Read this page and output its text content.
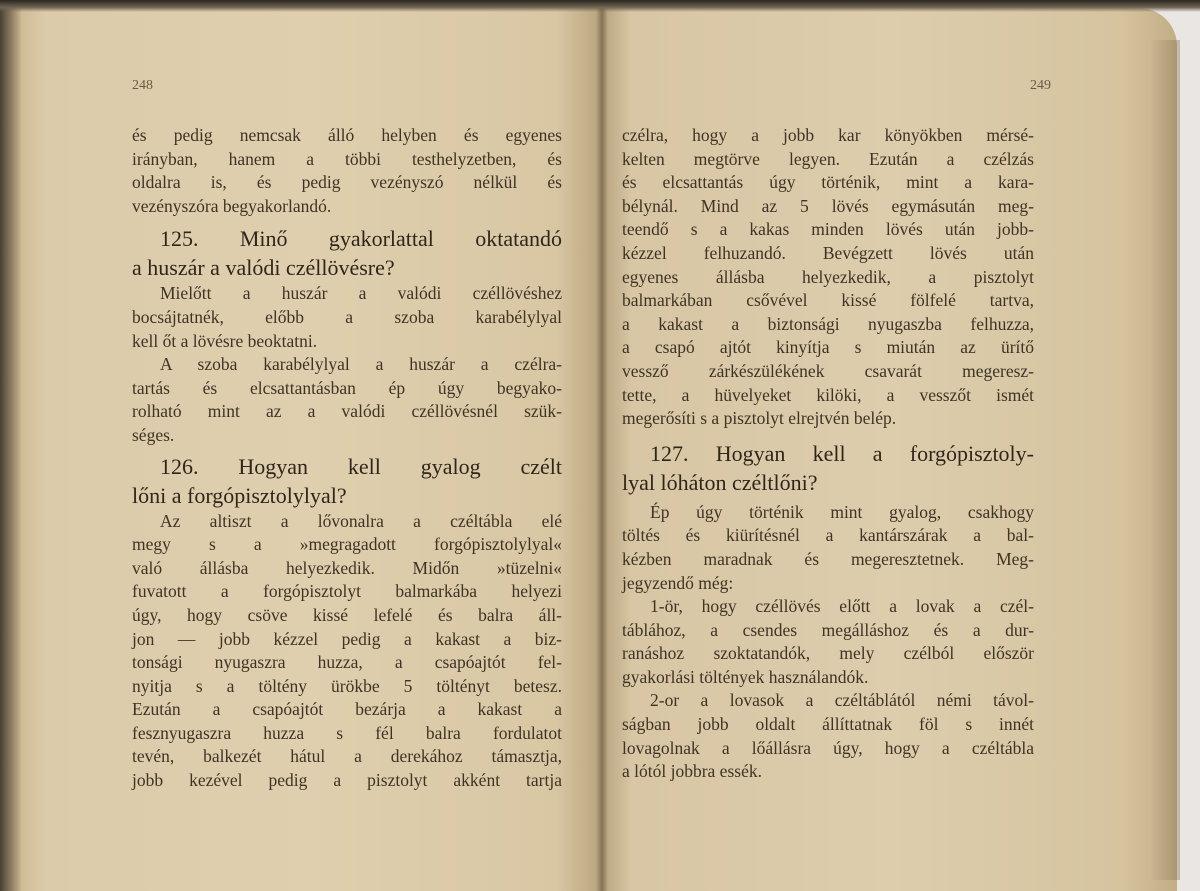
248	249
és pedig nemcsak álló helyben és egyenes
irányban, hanem a többi testhelyzetben, és
oldalra is, és pedig vezényszó nélkül és
vezényszóra begyakorlandó.
125. Minő gyakorlattal oktatandó
a huszár a valódi czéllövésre?
Mielőtt a huszár a valódi czéllövéshez
bocsájtatnék, előbb a szoba karabélylyal
kell őt a lövésre beoktatni.
A szoba karabélylyal a huszár a czélra-
tartás és elcsattantásban ép úgy begyako-
rolható mint az a valódi czéllövésnél szük-
séges.
126. Hogyan kell gyalog czélt
lőni a forgópisztolylyal?
Az altiszt a lővonalra a czéltábla elé
megy s a »megragadott forgópisztolylyal«
való állásba helyezkedik. Midőn »tüzelni«
fuvatott a forgópisztolyt balmarkába helyezi
úgy, hogy csöve kissé lefelé és balra áll-
jon — jobb kézzel pedig a kakast a biz-
tonsági nyugaszra huzza, a csapóajtót fel-
nyitja s a töltény ürökbe 5 töltényt betesz.
Ezután a csapóajtót bezárja a kakast a
fesznyugaszra huzza s fél balra fordulatot
tevén, balkezét hátul a derekához támasztja,
jobb kezével pedig a pisztolyt akként tartja
czélra, hogy a jobb kar könyökben mérsé-
kelten megtörve legyen. Ezután a czélzás
és elcsattantás úgy történik, mint a kara-
bélynál. Mind az 5 lövés egymásután meg-
teendő s a kakas minden lövés után jobb-
kézzel felhuzandó. Bevégzett lövés után
egyenes állásba helyezkedik, a pisztolyt
balmarkában csővével kissé fölfelé tartva,
a kakast a biztonsági nyugaszba felhuzza,
a csapó ajtót kinyítja s miután az ürítő
vessző zárkészülékének csavarát megeresz-
tette, a hüvelyeket kilöki, a vesszőt ismét
megerősíti s a pisztolyt elrejtvén belép.
127. Hogyan kell a forgópisztoly-
lyal lóháton czéltlőni?
Ép úgy történik mint gyalog, csakhogy
töltés és kiürítésnél a kantárszárak a bal-
kézben maradnak és megeresztetnek. Meg-
jegyzendő még:
1-ör, hogy czéllövés előtt a lovak a czél-
táblához, a csendes megálláshoz és a dur-
ranáshoz szoktatandók, mely czélból először
gyakorlási töltények használandók.
2-or a lovasok a czéltáblától némi távol-
ságban jobb oldalt állíttatnak föl s innét
lovagolnak a lőállásra úgy, hogy a czéltábla
a lótól jobbra essék.
